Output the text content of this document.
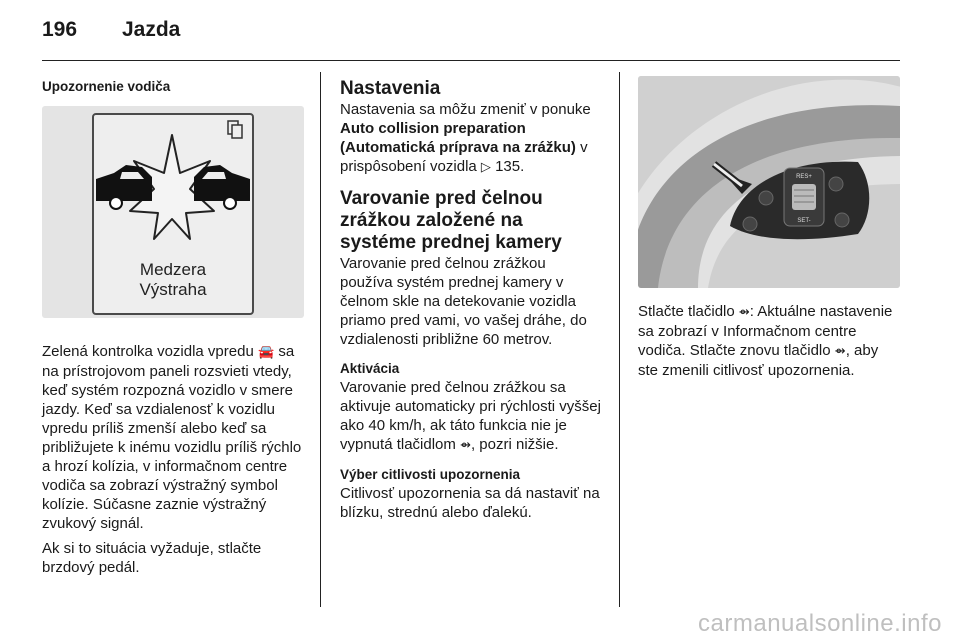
196	Jazda

Upozornenie vodiča

Medzera
Výstraha

Zelená kontrolka vozidla vpredu 🚘 sa na prístrojovom paneli rozsvieti vtedy, keď systém rozpozná vozidlo v smere jazdy. Keď sa vzdialenosť k vozidlu vpredu príliš zmenší alebo keď sa približujete k inému vozidlu príliš rýchlo a hrozí kolízia, v informačnom centre vodiča sa zobrazí výstražný symbol kolízie. Súčasne zaznie výstražný zvukový signál.

Ak si to situácia vyžaduje, stlačte brzdový pedál.

Nastavenia

Nastavenia sa môžu zmeniť v ponuke Auto collision preparation (Automatická príprava na zrážku) v prispôsobení vozidla ▷ 135.

Varovanie pred čelnou zrážkou založené na systéme prednej kamery

Varovanie pred čelnou zrážkou používa systém prednej kamery v čelnom skle na detekovanie vozidla priamo pred vami, vo vašej dráhe, do vzdialenosti približne 60 metrov.

Aktivácia

Varovanie pred čelnou zrážkou sa aktivuje automaticky pri rýchlosti vyššej ako 40 km/h, ak táto funkcia nie je vypnutá tlačidlom ⇴, pozri nižšie.

Výber citlivosti upozornenia

Citlivosť upozornenia sa dá nastaviť na blízku, strednú alebo ďalekú.

RES+
SET-

Stlačte tlačidlo ⇴: Aktuálne nastavenie sa zobrazí v Informačnom centre vodiča. Stlačte znovu tlačidlo ⇴, aby ste zmenili citlivosť upozornenia.

carmanualsonline.info
